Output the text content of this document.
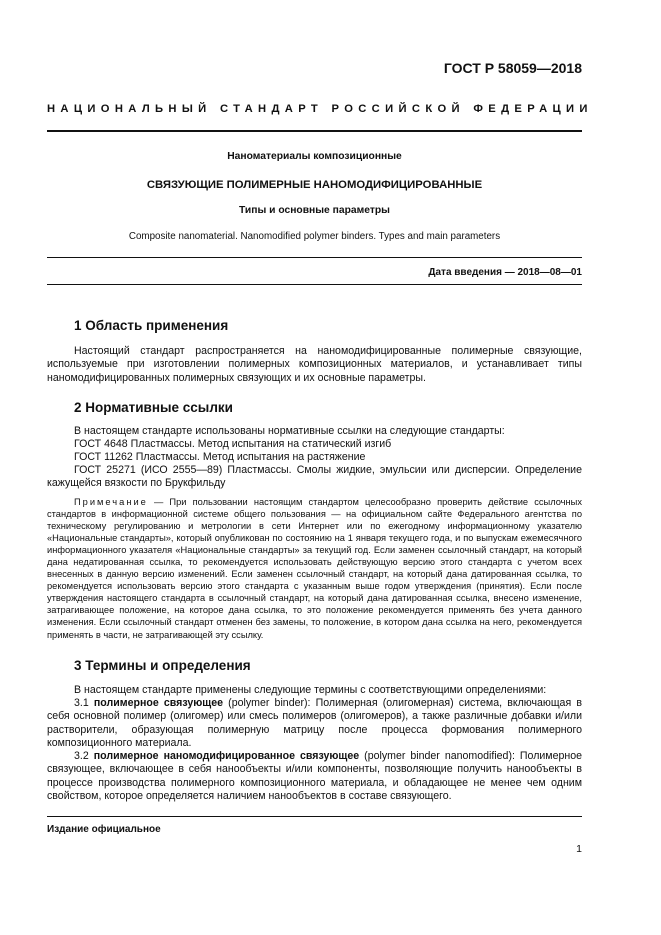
ГОСТ Р 58059—2018
НАЦИОНАЛЬНЫЙ СТАНДАРТ РОССИЙСКОЙ ФЕДЕРАЦИИ
Наноматериалы композиционные
СВЯЗУЮЩИЕ ПОЛИМЕРНЫЕ НАНОМОДИФИЦИРОВАННЫЕ
Типы и основные параметры
Composite nanomaterial. Nanomodified polymer binders. Types and main parameters
Дата введения — 2018—08—01
1 Область применения
Настоящий стандарт распространяется на наномодифицированные полимерные связующие, используемые при изготовлении полимерных композиционных материалов, и устанавливает типы наномодифицированных полимерных связующих и их основные параметры.
2 Нормативные ссылки
В настоящем стандарте использованы нормативные ссылки на следующие стандарты:
ГОСТ 4648 Пластмассы. Метод испытания на статический изгиб
ГОСТ 11262 Пластмассы. Метод испытания на растяжение
ГОСТ 25271 (ИСО 2555—89) Пластмассы. Смолы жидкие, эмульсии или дисперсии. Определение кажущейся вязкости по Брукфильду
Примечание — При пользовании настоящим стандартом целесообразно проверить действие ссылочных стандартов в информационной системе общего пользования — на официальном сайте Федерального агентства по техническому регулированию и метрологии в сети Интернет или по ежегодному информационному указателю «Национальные стандарты», который опубликован по состоянию на 1 января текущего года, и по выпускам ежемесячного информационного указателя «Национальные стандарты» за текущий год. Если заменен ссылочный стандарт, на который дана недатированная ссылка, то рекомендуется использовать действующую версию этого стандарта с учетом всех внесенных в данную версию изменений. Если заменен ссылочный стандарт, на который дана датированная ссылка, то рекомендуется использовать версию этого стандарта с указанным выше годом утверждения (принятия). Если после утверждения настоящего стандарта в ссылочный стандарт, на который дана датированная ссылка, внесено изменение, затрагивающее положение, на которое дана ссылка, то это положение рекомендуется применять без учета данного изменения. Если ссылочный стандарт отменен без замены, то положение, в котором дана ссылка на него, рекомендуется применять в части, не затрагивающей эту ссылку.
3 Термины и определения
В настоящем стандарте применены следующие термины с соответствующими определениями:
3.1 полимерное связующее (polymer binder): Полимерная (олигомерная) система, включающая в себя основной полимер (олигомер) или смесь полимеров (олигомеров), а также различные добавки и/или растворители, образующая полимерную матрицу после процесса формования полимерного композиционного материала.
3.2 полимерное наномодифицированное связующее (polymer binder nanomodified): Полимерное связующее, включающее в себя нанообъекты и/или компоненты, позволяющие получить нанообъекты в процессе производства полимерного композиционного материала, и обладающее не менее чем одним свойством, которое определяется наличием нанообъектов в составе связующего.
Издание официальное
1
